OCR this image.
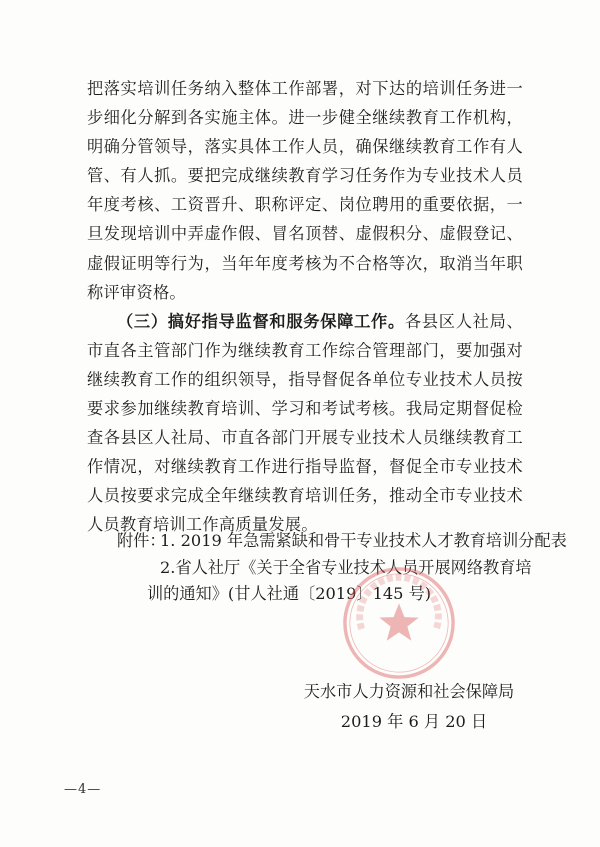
把落实培训任务纳入整体工作部署，对下达的培训任务进一步细化分解到各实施主体。进一步健全继续教育工作机构，明确分管领导，落实具体工作人员，确保继续教育工作有人管、有人抓。要把完成继续教育学习任务作为专业技术人员年度考核、工资晋升、职称评定、岗位聘用的重要依据，一旦发现培训中弄虚作假、冒名顶替、虚假积分、虚假登记、虚假证明等行为，当年年度考核为不合格等次，取消当年职称评审资格。

（三）搞好指导监督和服务保障工作。各县区人社局、市直各主管部门作为继续教育工作综合管理部门，要加强对继续教育工作的组织领导，指导督促各单位专业技术人员按要求参加继续教育培训、学习和考试考核。我局定期督促检查各县区人社局、市直各部门开展专业技术人员继续教育工作情况，对继续教育工作进行指导监督，督促全市专业技术人员按要求完成全年继续教育培训任务，推动全市专业技术人员教育培训工作高质量发展。

附件：
1. 2019 年急需紧缺和骨干专业技术人才教育培训分配表
2.省人社厅《关于全省专业技术人员开展网络教育培
训的通知》(甘人社通〔2019〕145 号)
天水市人力资源和社会保障局
2019 年 6 月 20 日
—4—
